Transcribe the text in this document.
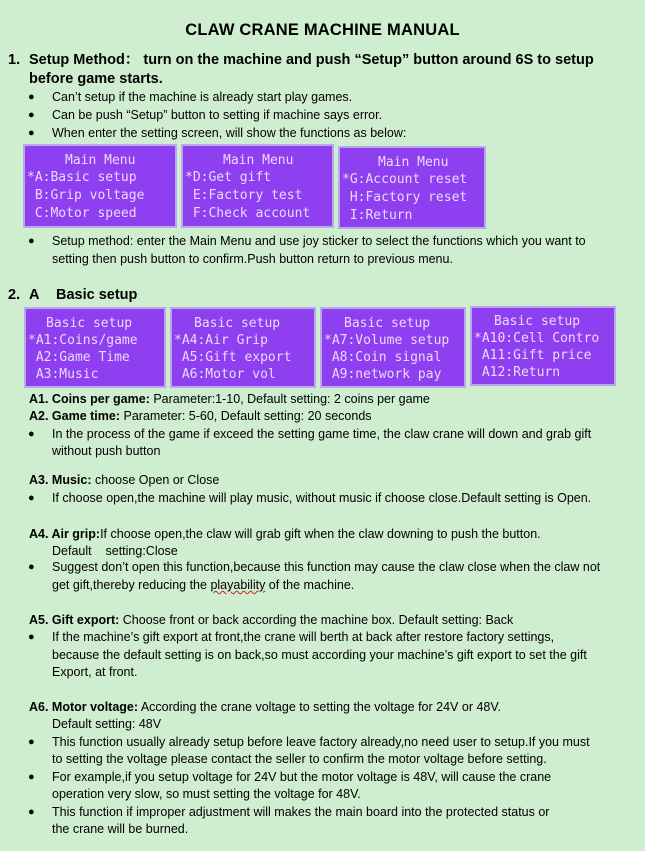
CLAW CRANE MACHINE MANUAL
1. Setup Method： turn on the machine and push “Setup” button around 6S to setup
before game starts.
● Can’t setup if the machine is already start play games.
● Can be push “Setup” button to setting if machine says error.
● When enter the setting screen, will show the functions as below:
Main Menu
*A:Basic setup
B:Grip voltage
C:Motor speed
Main Menu
*D:Get gift
E:Factory test
F:Check account
Main Menu
*G:Account reset
H:Factory reset
I:Return
● Setup method: enter the Main Menu and use joy sticker to select the functions which you want to
setting then push button to confirm.Push button return to previous menu.
2. A Basic setup
Basic setup
*A1:Coins/game
A2:Game Time
A3:Music
Basic setup
*A4:Air Grip
A5:Gift export
A6:Motor vol
Basic setup
*A7:Volume setup
A8:Coin signal
A9:network pay
Basic setup
*A10:Cell Contro
A11:Gift price
A12:Return
A1. Coins per game: Parameter:1-10, Default setting: 2 coins per game
A2. Game time: Parameter: 5-60, Default setting: 20 seconds
● In the process of the game if exceed the setting game time, the claw crane will down and grab gift
without push button
A3. Music: choose Open or Close
● If choose open,the machine will play music, without music if choose close.Default setting is Open.
A4. Air grip:If choose open,the claw will grab gift when the claw downing to push the button.
Default    setting:Close
● Suggest don’t open this function,because this function may cause the claw close when the claw not
get gift,thereby reducing the playability of the machine.
A5. Gift export: Choose front or back according the machine box. Default setting: Back
● If the machine’s gift export at front,the crane will berth at back after restore factory settings,
because the default setting is on back,so must according your machine’s gift export to set the gift
Export, at front.
A6. Motor voltage: According the crane voltage to setting the voltage for 24V or 48V.
Default setting: 48V
● This function usually already setup before leave factory already,no need user to setup.If you must
to setting the voltage please contact the seller to confirm the motor voltage before setting.
● For example,if you setup voltage for 24V but the motor voltage is 48V, will cause the crane
operation very slow, so must setting the voltage for 48V.
● This function if improper adjustment will makes the main board into the protected status or
the crane will be burned.
